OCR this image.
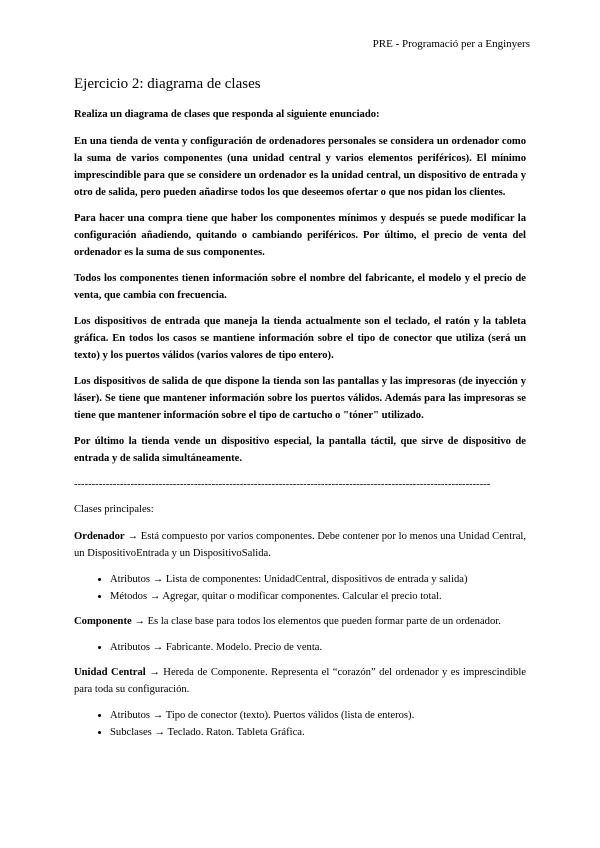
PRE - Programació per a Enginyers
Ejercicio 2: diagrama de clases

Realiza un diagrama de clases que responda al siguiente enunciado:

En una tienda de venta y configuración de ordenadores personales se considera un ordenador como la suma de varios componentes (una unidad central y varios elementos periféricos). El mínimo imprescindible para que se considere un ordenador es la unidad central, un dispositivo de entrada y otro de salida, pero pueden añadirse todos los que deseemos ofertar o que nos pidan los clientes.

Para hacer una compra tiene que haber los componentes mínimos y después se puede modificar la configuración añadiendo, quitando o cambiando periféricos. Por último, el precio de venta del ordenador es la suma de sus componentes.

Todos los componentes tienen información sobre el nombre del fabricante, el modelo y el precio de venta, que cambia con frecuencia.

Los dispositivos de entrada que maneja la tienda actualmente son el teclado, el ratón y la tableta gráfica. En todos los casos se mantiene información sobre el tipo de conector que utiliza (será un texto) y los puertos válidos (varios valores de tipo entero).

Los dispositivos de salida de que dispone la tienda son las pantallas y las impresoras (de inyección y láser). Se tiene que mantener información sobre los puertos válidos. Además para las impresoras se tiene que mantener información sobre el tipo de cartucho o "tóner" utilizado.

Por último la tienda vende un dispositivo especial, la pantalla táctil, que sirve de dispositivo de entrada y de salida simultáneamente.

----------------------------------------------------------------------------------------------------------------------

Clases principales:

Ordenador → Está compuesto por varios componentes. Debe contener por lo menos una Unidad Central, un DispositivoEntrada y un DispositivoSalida.

• Atributos → Lista de componentes: UnidadCentral, dispositivos de entrada y salida)
• Métodos → Agregar, quitar o modificar componentes. Calcular el precio total.

Componente → Es la clase base para todos los elementos que pueden formar parte de un ordenador.

• Atributos → Fabricante. Modelo. Precio de venta.

Unidad Central → Hereda de Componente. Representa el “corazón” del ordenador y es imprescindible para toda su configuración.

• Atributos → Tipo de conector (texto). Puertos válidos (lista de enteros).
• Subclases → Teclado. Raton. Tableta Gráfica.
